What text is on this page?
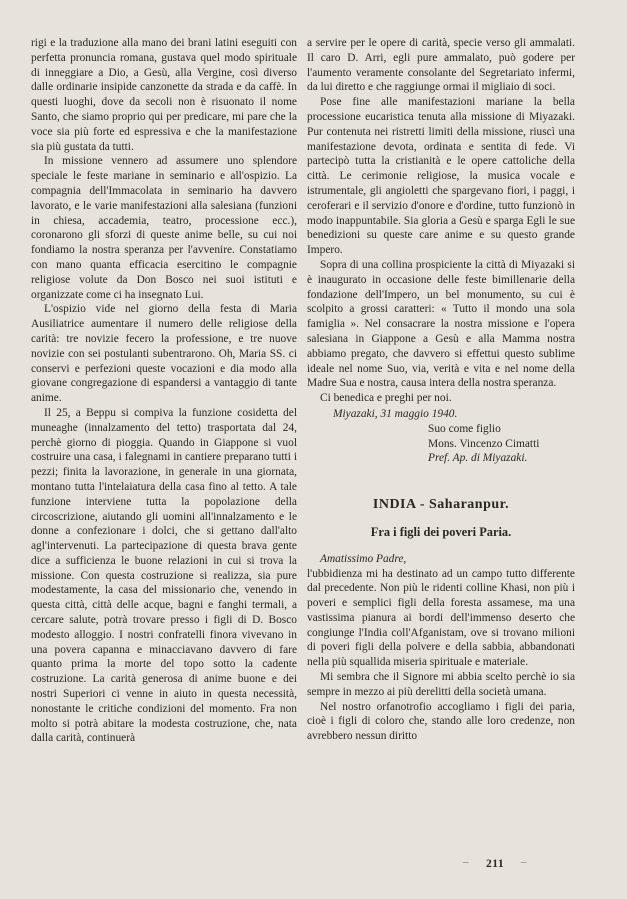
rigi e la traduzione alla mano dei brani latini eseguiti con perfetta pronuncia romana, gustava quel modo spirituale di inneggiare a Dio, a Gesù, alla Vergine, così diverso dalle ordinarie insipide canzonette da strada e da caffè. In questi luoghi, dove da secoli non è risuonato il nome Santo, che siamo proprio qui per predicare, mi pare che la voce sia più forte ed espressiva e che la manifestazione sia più gustata da tutti.

In missione vennero ad assumere uno splendore speciale le feste mariane in seminario e all'ospizio. La compagnia dell'Immacolata in seminario ha davvero lavorato, e le varie manifestazioni alla salesiana (funzioni in chiesa, accademia, teatro, processione ecc.), coronarono gli sforzi di queste anime belle, su cui noi fondiamo la nostra speranza per l'avvenire. Constatiamo con mano quanta efficacia esercitino le compagnie religiose volute da Don Bosco nei suoi istituti e organizzate come ci ha insegnato Lui.

L'ospizio vide nel giorno della festa di Maria Ausiliatrice aumentare il numero delle religiose della carità: tre novizie fecero la professione, e tre nuove novizie con sei postulanti subentrarono. Oh, Maria SS. ci conservi e perfezioni queste vocazioni e dia modo alla giovane congregazione di espandersi a vantaggio di tante anime.

Il 25, a Beppu si compiva la funzione cosidetta del muneaghe (innalzamento del tetto) trasportata dal 24, perchè giorno di pioggia. Quando in Giappone si vuol costruire una casa, i falegnami in cantiere preparano tutti i pezzi; finita la lavorazione, in generale in una giornata, montano tutta l'intelaiatura della casa fino al tetto. A tale funzione interviene tutta la popolazione della circoscrizione, aiutando gli uomini all'innalzamento e le donne a confezionare i dolci, che si gettano dall'alto agl'intervenuti. La partecipazione di questa brava gente dice a sufficienza le buone relazioni in cui si trova la missione. Con questa costruzione si realizza, sia pure modestamente, la casa del missionario che, venendo in questa città, città delle acque, bagni e fanghi termali, a cercare salute, potrà trovare presso i figli di D. Bosco modesto alloggio. I nostri confratelli finora vivevano in una povera capanna e minacciavano davvero di fare quanto prima la morte del topo sotto la cadente costruzione. La carità generosa di anime buone e dei nostri Superiori ci venne in aiuto in questa necessità, nonostante le critiche condizioni del momento. Fra non molto si potrà abitare la modesta costruzione, che, nata dalla carità, continuerà

a servire per le opere di carità, specie verso gli ammalati. Il caro D. Arri, egli pure ammalato, può godere per l'aumento veramente consolante del Segretariato infermi, da lui diretto e che raggiunge ormai il migliaio di soci.

Pose fine alle manifestazioni mariane la bella processione eucaristica tenuta alla missione di Miyazaki. Pur contenuta nei ristretti limiti della missione, riuscì una manifestazione devota, ordinata e sentita di fede. Vi partecipò tutta la cristianità e le opere cattoliche della città. Le cerimonie religiose, la musica vocale e istrumentale, gli angioletti che spargevano fiori, i paggi, i ceroferari e il servizio d'onore e d'ordine, tutto funzionò in modo inappuntabile. Sia gloria a Gesù e sparga Egli le sue benedizioni su queste care anime e su questo grande Impero.

Sopra di una collina prospiciente la città di Miyazaki si è inaugurato in occasione delle feste bimillenarie della fondazione dell'Impero, un bel monumento, su cui è scolpito a grossi caratteri: « Tutto il mondo una sola famiglia ». Nel consacrare la nostra missione e l'opera salesiana in Giappone a Gesù e alla Mamma nostra abbiamo pregato, che davvero si effettui questo sublime ideale nel nome Suo, via, verità e vita e nel nome della Madre Sua e nostra, causa intera della nostra speranza.

Ci benedica e preghi per noi.

Miyazaki, 31 maggio 1940.

Suo come figlio

Mons. Vincenzo Cimatti

Pref. Ap. di Miyazaki.

INDIA - Saharanpur.
Fra i figli dei poveri Paria.

Amatissimo Padre,

l'ubbidienza mi ha destinato ad un campo tutto differente dal precedente. Non più le ridenti colline Khasi, non più i poveri e semplici figli della foresta assamese, ma una vastissima pianura ai bordi dell'immenso deserto che congiunge l'India coll'Afganistam, ove si trovano milioni di poveri figli della polvere e della sabbia, abbandonati nella più squallida miseria spirituale e materiale.

Mi sembra che il Signore mi abbia scelto perchè io sia sempre in mezzo ai più derelitti della società umana.

Nel nostro orfanotrofio accogliamo i figli dei paria, cioè i figli di coloro che, stando alle loro credenze, non avrebbero nessun diritto

– 211 –
